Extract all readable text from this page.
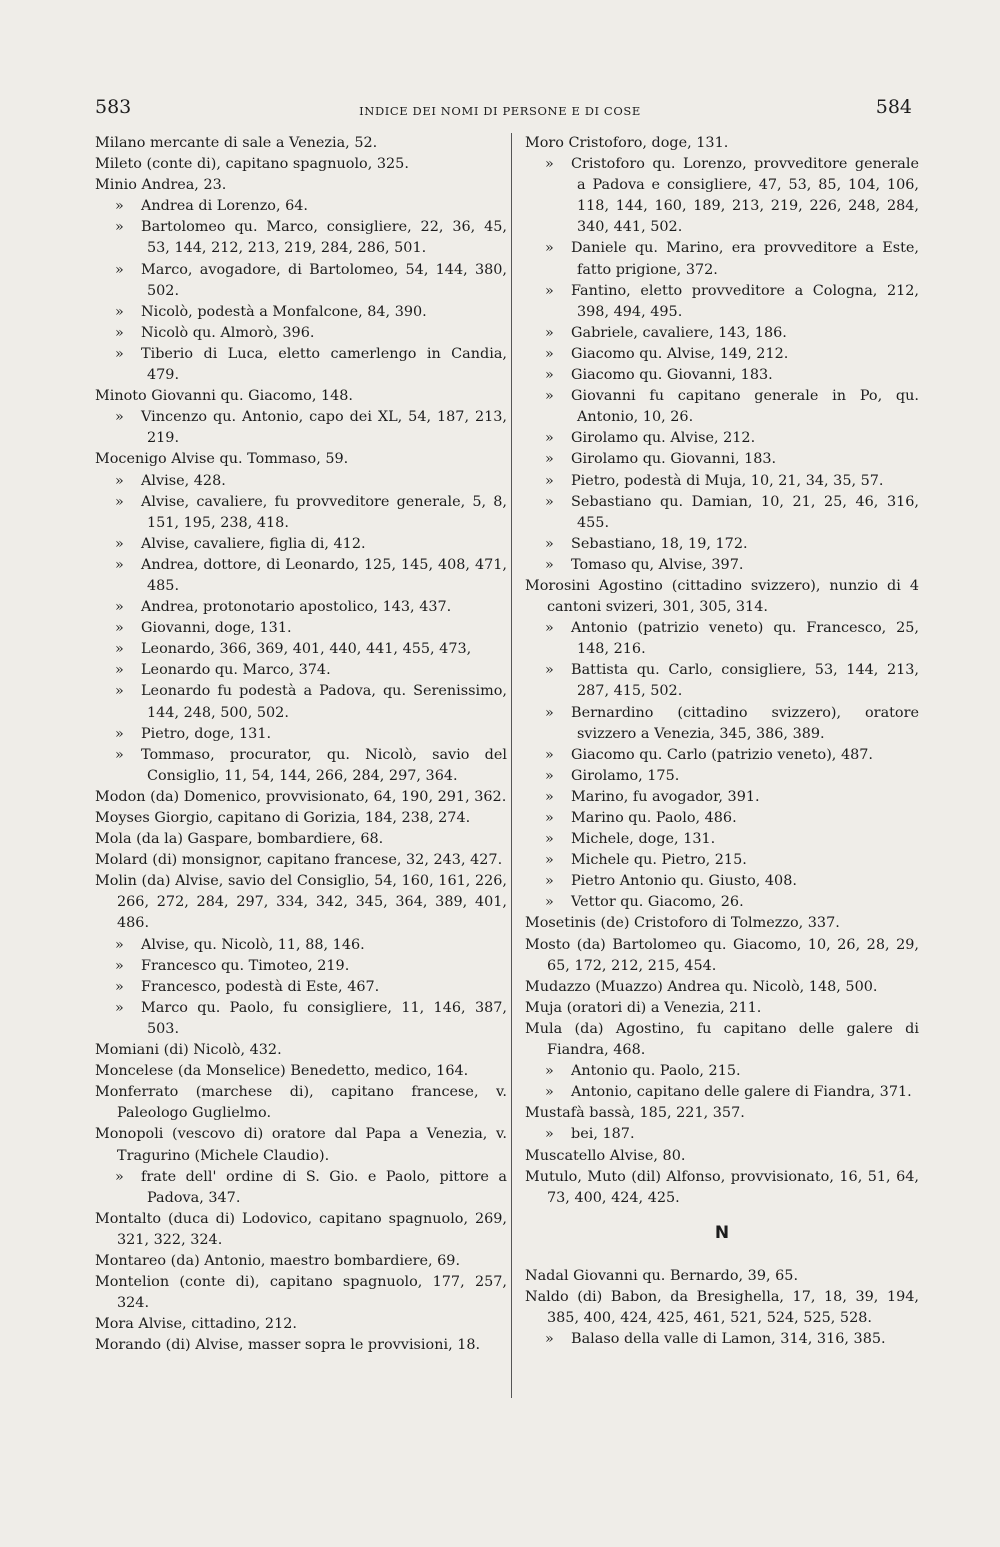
583	INDICE DEI NOMI DI PERSONE E DI COSE	584
Milano mercante di sale a Venezia, 52.
Mileto (conte di), capitano spagnuolo, 325.
Minio Andrea, 23.
» Andrea di Lorenzo, 64.
» Bartolomeo qu. Marco, consigliere, 22, 36, 45, 53, 144, 212, 213, 219, 284, 286, 501.
» Marco, avogadore, di Bartolomeo, 54, 144, 380, 502.
» Nicolò, podestà a Monfalcone, 84, 390.
» Nicolò qu. Almorò, 396.
» Tiberio di Luca, eletto camerlengo in Candia, 479.
Minoto Giovanni qu. Giacomo, 148.
» Vincenzo qu. Antonio, capo dei XL, 54, 187, 213, 219.
Mocenigo Alvise qu. Tommaso, 59.
» Alvise, 428.
» Alvise, cavaliere, fu provveditore generale, 5, 8, 151, 195, 238, 418.
» Alvise, cavaliere, figlia di, 412.
» Andrea, dottore, di Leonardo, 125, 145, 408, 471, 485.
» Andrea, protonotario apostolico, 143, 437.
» Giovanni, doge, 131.
» Leonardo, 366, 369, 401, 440, 441, 455, 473,
» Leonardo qu. Marco, 374.
» Leonardo fu podestà a Padova, qu. Serenissimo, 144, 248, 500, 502.
» Pietro, doge, 131.
» Tommaso, procurator, qu. Nicolò, savio del Consiglio, 11, 54, 144, 266, 284, 297, 364.
Modon (da) Domenico, provvisionato, 64, 190, 291, 362.
Moyses Giorgio, capitano di Gorizia, 184, 238, 274.
Mola (da la) Gaspare, bombardiere, 68.
Molard (di) monsignor, capitano francese, 32, 243, 427.
Molin (da) Alvise, savio del Consiglio, 54, 160, 161, 226, 266, 272, 284, 297, 334, 342, 345, 364, 389, 401, 486.
» Alvise, qu. Nicolò, 11, 88, 146.
» Francesco qu. Timoteo, 219.
» Francesco, podestà di Este, 467.
» Marco qu. Paolo, fu consigliere, 11, 146, 387, 503.
Momiani (di) Nicolò, 432.
Moncelese (da Monselice) Benedetto, medico, 164.
Monferrato (marchese di), capitano francese, v. Paleologo Guglielmo.
Monopoli (vescovo di) oratore dal Papa a Venezia, v. Tragurino (Michele Claudio).
» frate dell' ordine di S. Gio. e Paolo, pittore a Padova, 347.
Montalto (duca di) Lodovico, capitano spagnuolo, 269, 321, 322, 324.
Montareo (da) Antonio, maestro bombardiere, 69.
Montelion (conte di), capitano spagnuolo, 177, 257, 324.
Mora Alvise, cittadino, 212.
Morando (di) Alvise, masser sopra le provvisioni, 18.
Moro Cristoforo, doge, 131.
» Cristoforo qu. Lorenzo, provveditore generale a Padova e consigliere, 47, 53, 85, 104, 106, 118, 144, 160, 189, 213, 219, 226, 248, 284, 340, 441, 502.
» Daniele qu. Marino, era provveditore a Este, fatto prigione, 372.
» Fantino, eletto provveditore a Cologna, 212, 398, 494, 495.
» Gabriele, cavaliere, 143, 186.
» Giacomo qu. Alvise, 149, 212.
» Giacomo qu. Giovanni, 183.
» Giovanni fu capitano generale in Po, qu. Antonio, 10, 26.
» Girolamo qu. Alvise, 212.
» Girolamo qu. Giovanni, 183.
» Pietro, podestà di Muja, 10, 21, 34, 35, 57.
» Sebastiano qu. Damian, 10, 21, 25, 46, 316, 455.
» Sebastiano, 18, 19, 172.
» Tomaso qu, Alvise, 397.
Morosini Agostino (cittadino svizzero), nunzio di 4 cantoni svizeri, 301, 305, 314.
» Antonio (patrizio veneto) qu. Francesco, 25, 148, 216.
» Battista qu. Carlo, consigliere, 53, 144, 213, 287, 415, 502.
» Bernardino (cittadino svizzero), oratore svizzero a Venezia, 345, 386, 389.
» Giacomo qu. Carlo (patrizio veneto), 487.
» Girolamo, 175.
» Marino, fu avogador, 391.
» Marino qu. Paolo, 486.
» Michele, doge, 131.
» Michele qu. Pietro, 215.
» Pietro Antonio qu. Giusto, 408.
» Vettor qu. Giacomo, 26.
Mosetinis (de) Cristoforo di Tolmezzo, 337.
Mosto (da) Bartolomeo qu. Giacomo, 10, 26, 28, 29, 65, 172, 212, 215, 454.
Mudazzo (Muazzo) Andrea qu. Nicolò, 148, 500.
Muja (oratori di) a Venezia, 211.
Mula (da) Agostino, fu capitano delle galere di Fiandra, 468.
» Antonio qu. Paolo, 215.
» Antonio, capitano delle galere di Fiandra, 371.
Mustafà bassà, 185, 221, 357.
» bei, 187.
Muscatello Alvise, 80.
Mutulo, Muto (dil) Alfonso, provvisionato, 16, 51, 64, 73, 400, 424, 425.
N
Nadal Giovanni qu. Bernardo, 39, 65.
Naldo (di) Babon, da Bresighella, 17, 18, 39, 194, 385, 400, 424, 425, 461, 521, 524, 525, 528.
» Balaso della valle di Lamon, 314, 316, 385.
